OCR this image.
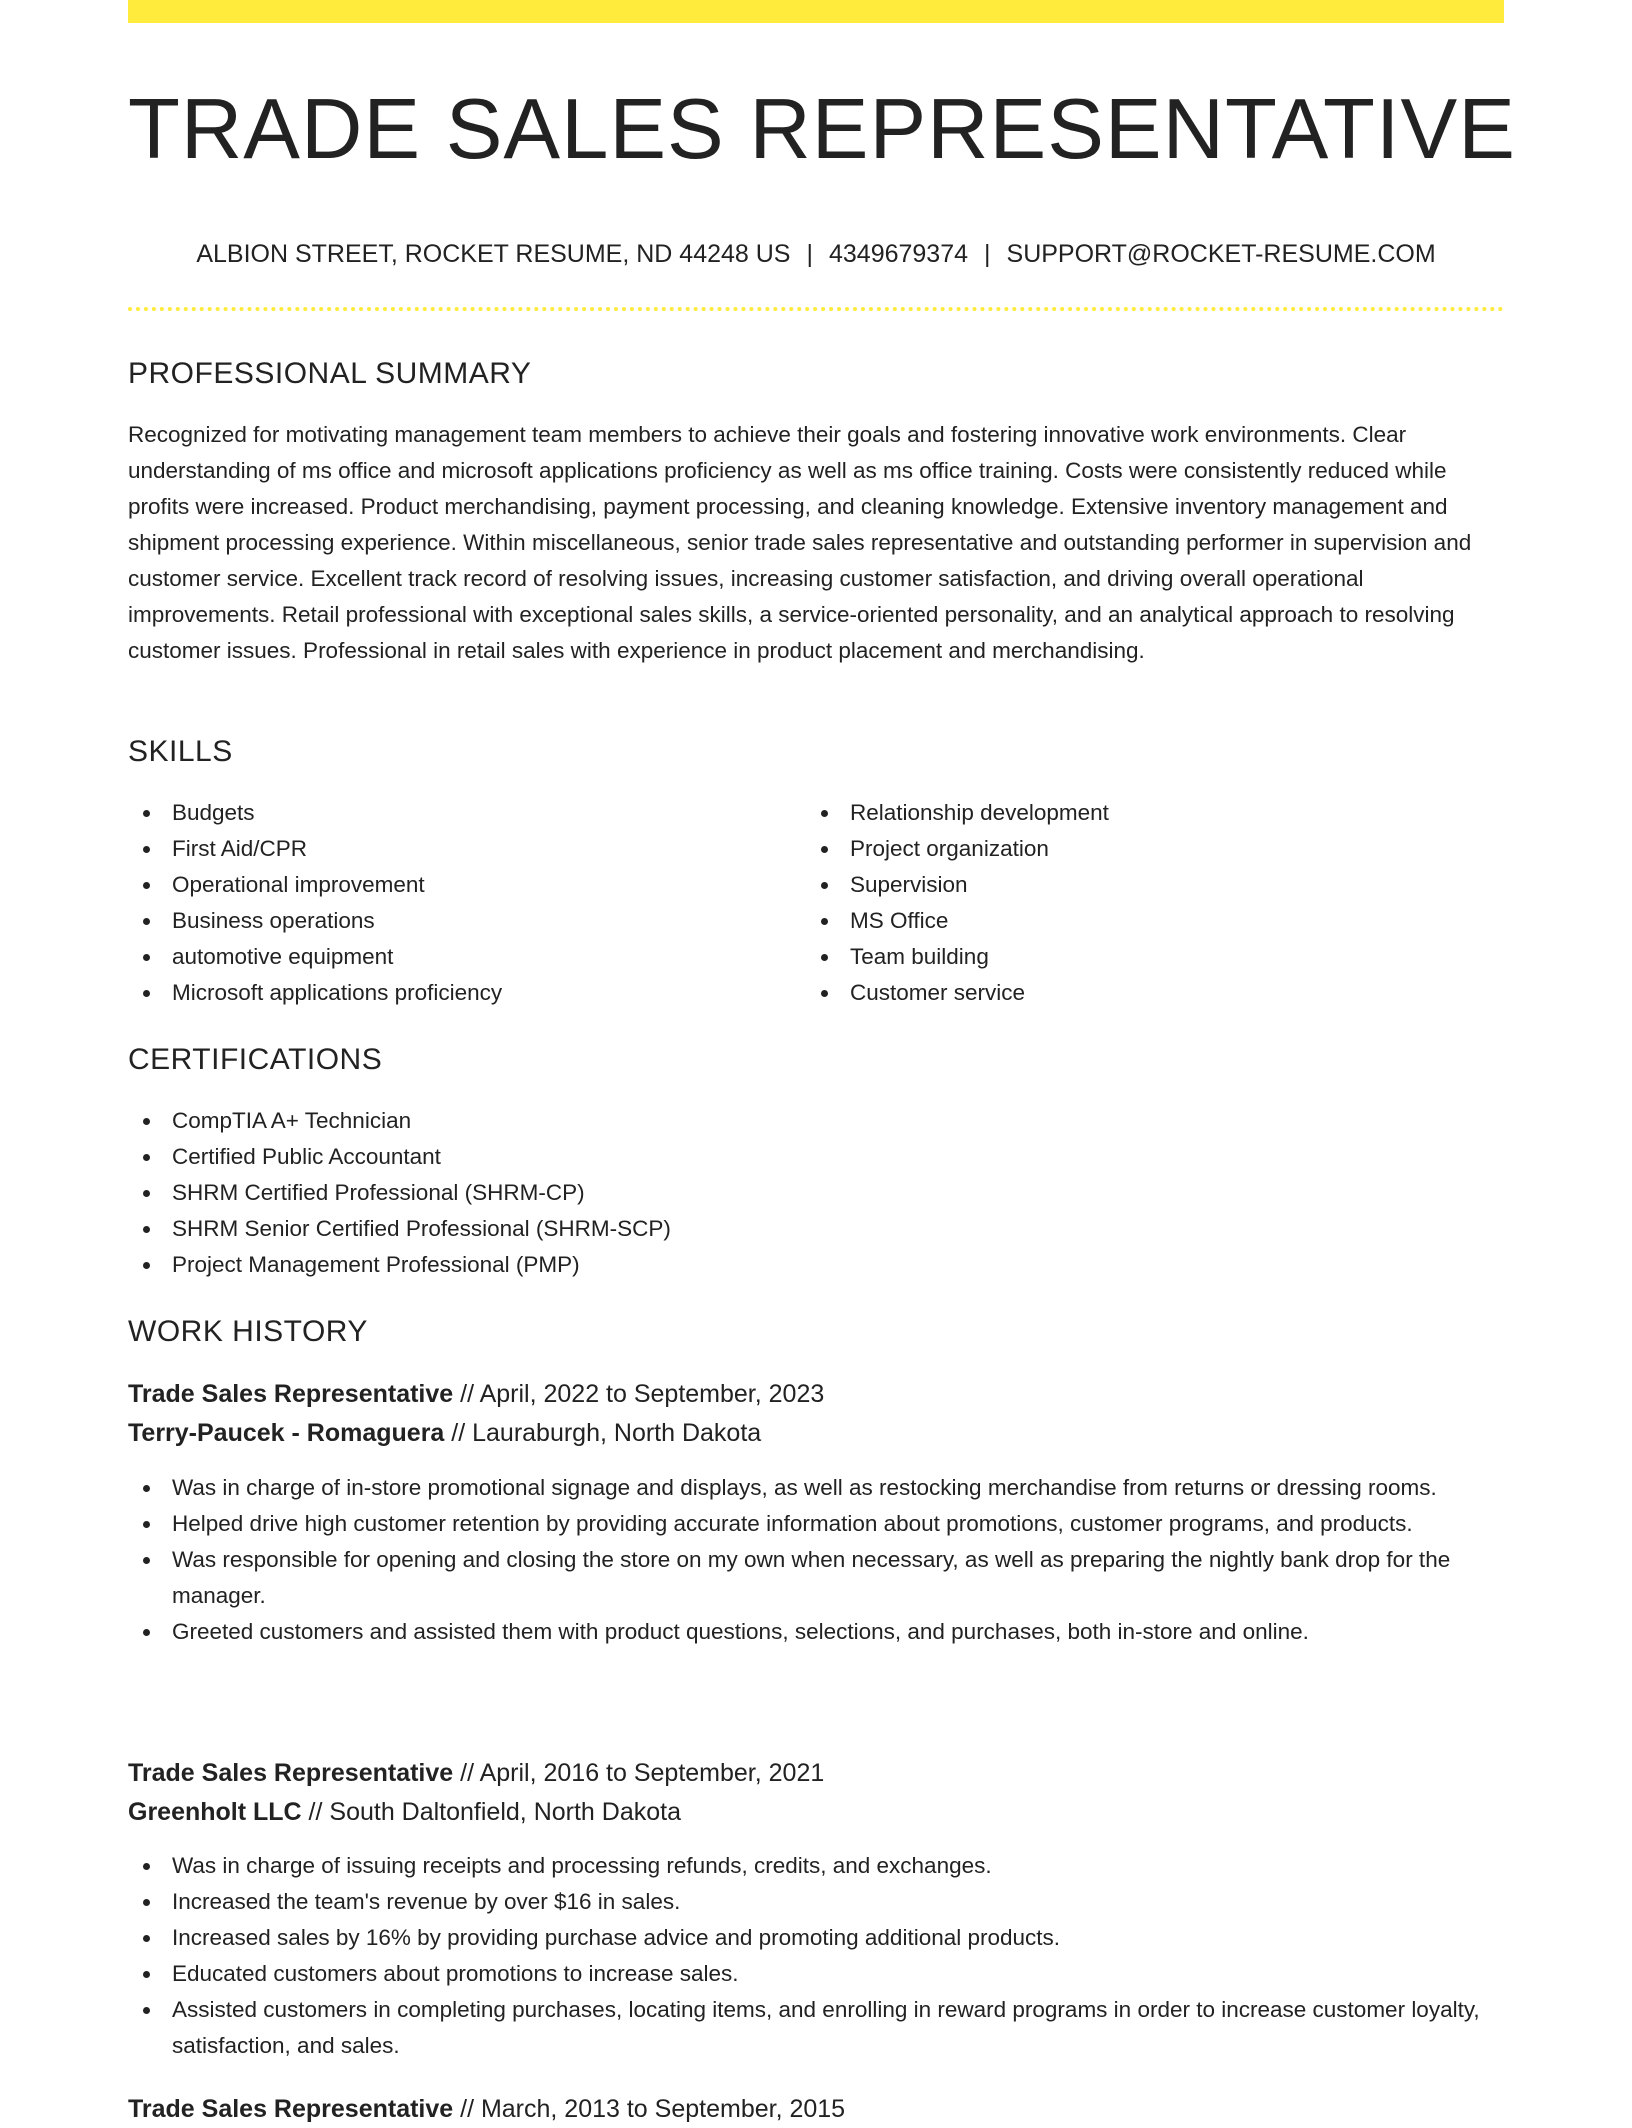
TRADE SALES REPRESENTATIVE
ALBION STREET, ROCKET RESUME, ND 44248 US | 4349679374 | SUPPORT@ROCKET-RESUME.COM
PROFESSIONAL SUMMARY

Recognized for motivating management team members to achieve their goals and fostering innovative work environments. Clear understanding of ms office and microsoft applications proficiency as well as ms office training. Costs were consistently reduced while profits were increased. Product merchandising, payment processing, and cleaning knowledge. Extensive inventory management and shipment processing experience. Within miscellaneous, senior trade sales representative and outstanding performer in supervision and customer service. Excellent track record of resolving issues, increasing customer satisfaction, and driving overall operational improvements. Retail professional with exceptional sales skills, a service-oriented personality, and an analytical approach to resolving customer issues. Professional in retail sales with experience in product placement and merchandising.

SKILLS
Budgets
First Aid/CPR
Operational improvement
Business operations
automotive equipment
Microsoft applications proficiency
Relationship development
Project organization
Supervision
MS Office
Team building
Customer service
CERTIFICATIONS
CompTIA A+ Technician
Certified Public Accountant
SHRM Certified Professional (SHRM-CP)
SHRM Senior Certified Professional (SHRM-SCP)
Project Management Professional (PMP)
WORK HISTORY
Trade Sales Representative // April, 2022 to September, 2023
Terry-Paucek - Romaguera // Lauraburgh, North Dakota
Was in charge of in-store promotional signage and displays, as well as restocking merchandise from returns or dressing rooms.
Helped drive high customer retention by providing accurate information about promotions, customer programs, and products.
Was responsible for opening and closing the store on my own when necessary, as well as preparing the nightly bank drop for the manager.
Greeted customers and assisted them with product questions, selections, and purchases, both in-store and online.
Trade Sales Representative // April, 2016 to September, 2021
Greenholt LLC // South Daltonfield, North Dakota
Was in charge of issuing receipts and processing refunds, credits, and exchanges.
Increased the team's revenue by over $16 in sales.
Increased sales by 16% by providing purchase advice and promoting additional products.
Educated customers about promotions to increase sales.
Assisted customers in completing purchases, locating items, and enrolling in reward programs in order to increase customer loyalty, satisfaction, and sales.
Trade Sales Representative // March, 2013 to September, 2015
